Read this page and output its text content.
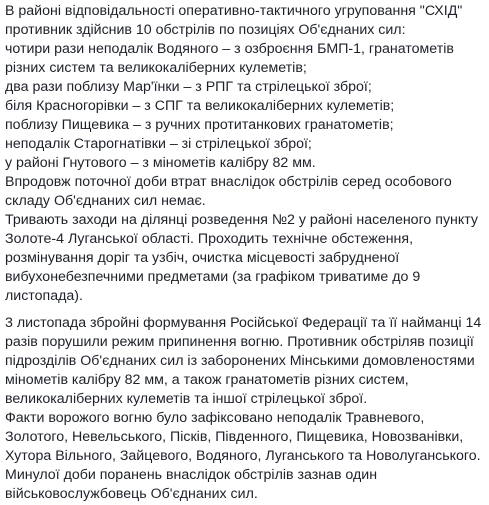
В районі відповідальності оперативно-тактичного угруповання "СХІД"
противник здійснив 10 обстрілів по позиціях Об'єднаних сил:
чотири рази неподалік Водяного – з озброєння БМП-1, гранатометів
різних систем та великокаліберних кулеметів;
два рази поблизу Мар'їнки – з РПГ та стрілецької зброї;
біля Красногорівки – з СПГ та великокаліберних кулеметів;
поблизу Пищевика – з ручних протитанкових гранатометів;
неподалік Старогнатівки – зі стрілецької зброї;
у районі Гнутового – з мінометів калібру 82 мм.
Впродовж поточної доби втрат внаслідок обстрілів серед особового
складу Об'єднаних сил немає.
Тривають заходи на ділянці розведення №2 у районі населеного пункту
Золоте-4 Луганської області. Проходить технічне обстеження,
розмінування доріг та узбіч, очистка місцевості забрудненої
вибухонебезпечними предметами (за графіком триватиме до 9
листопада).
3 листопада збройні формування Російської Федерації та її найманці 14
разів порушили режим припинення вогню. Противник обстріляв позиції
підрозділів Об'єднаних сил із заборонених Мінськими домовленостями
мінометів калібру 82 мм, а також гранатометів різних систем,
великокаліберних кулеметів та іншої стрілецької зброї.
Факти ворожого вогню було зафіксовано неподалік Травневого,
Золотого, Невельського, Пісків, Південного, Пищевика, Новозванівки,
Хутора Вільного, Зайцевого, Водяного, Луганського та Новолуганського.
Минулої доби поранень внаслідок обстрілів зазнав один
військовослужбовець Об'єднаних сил.
